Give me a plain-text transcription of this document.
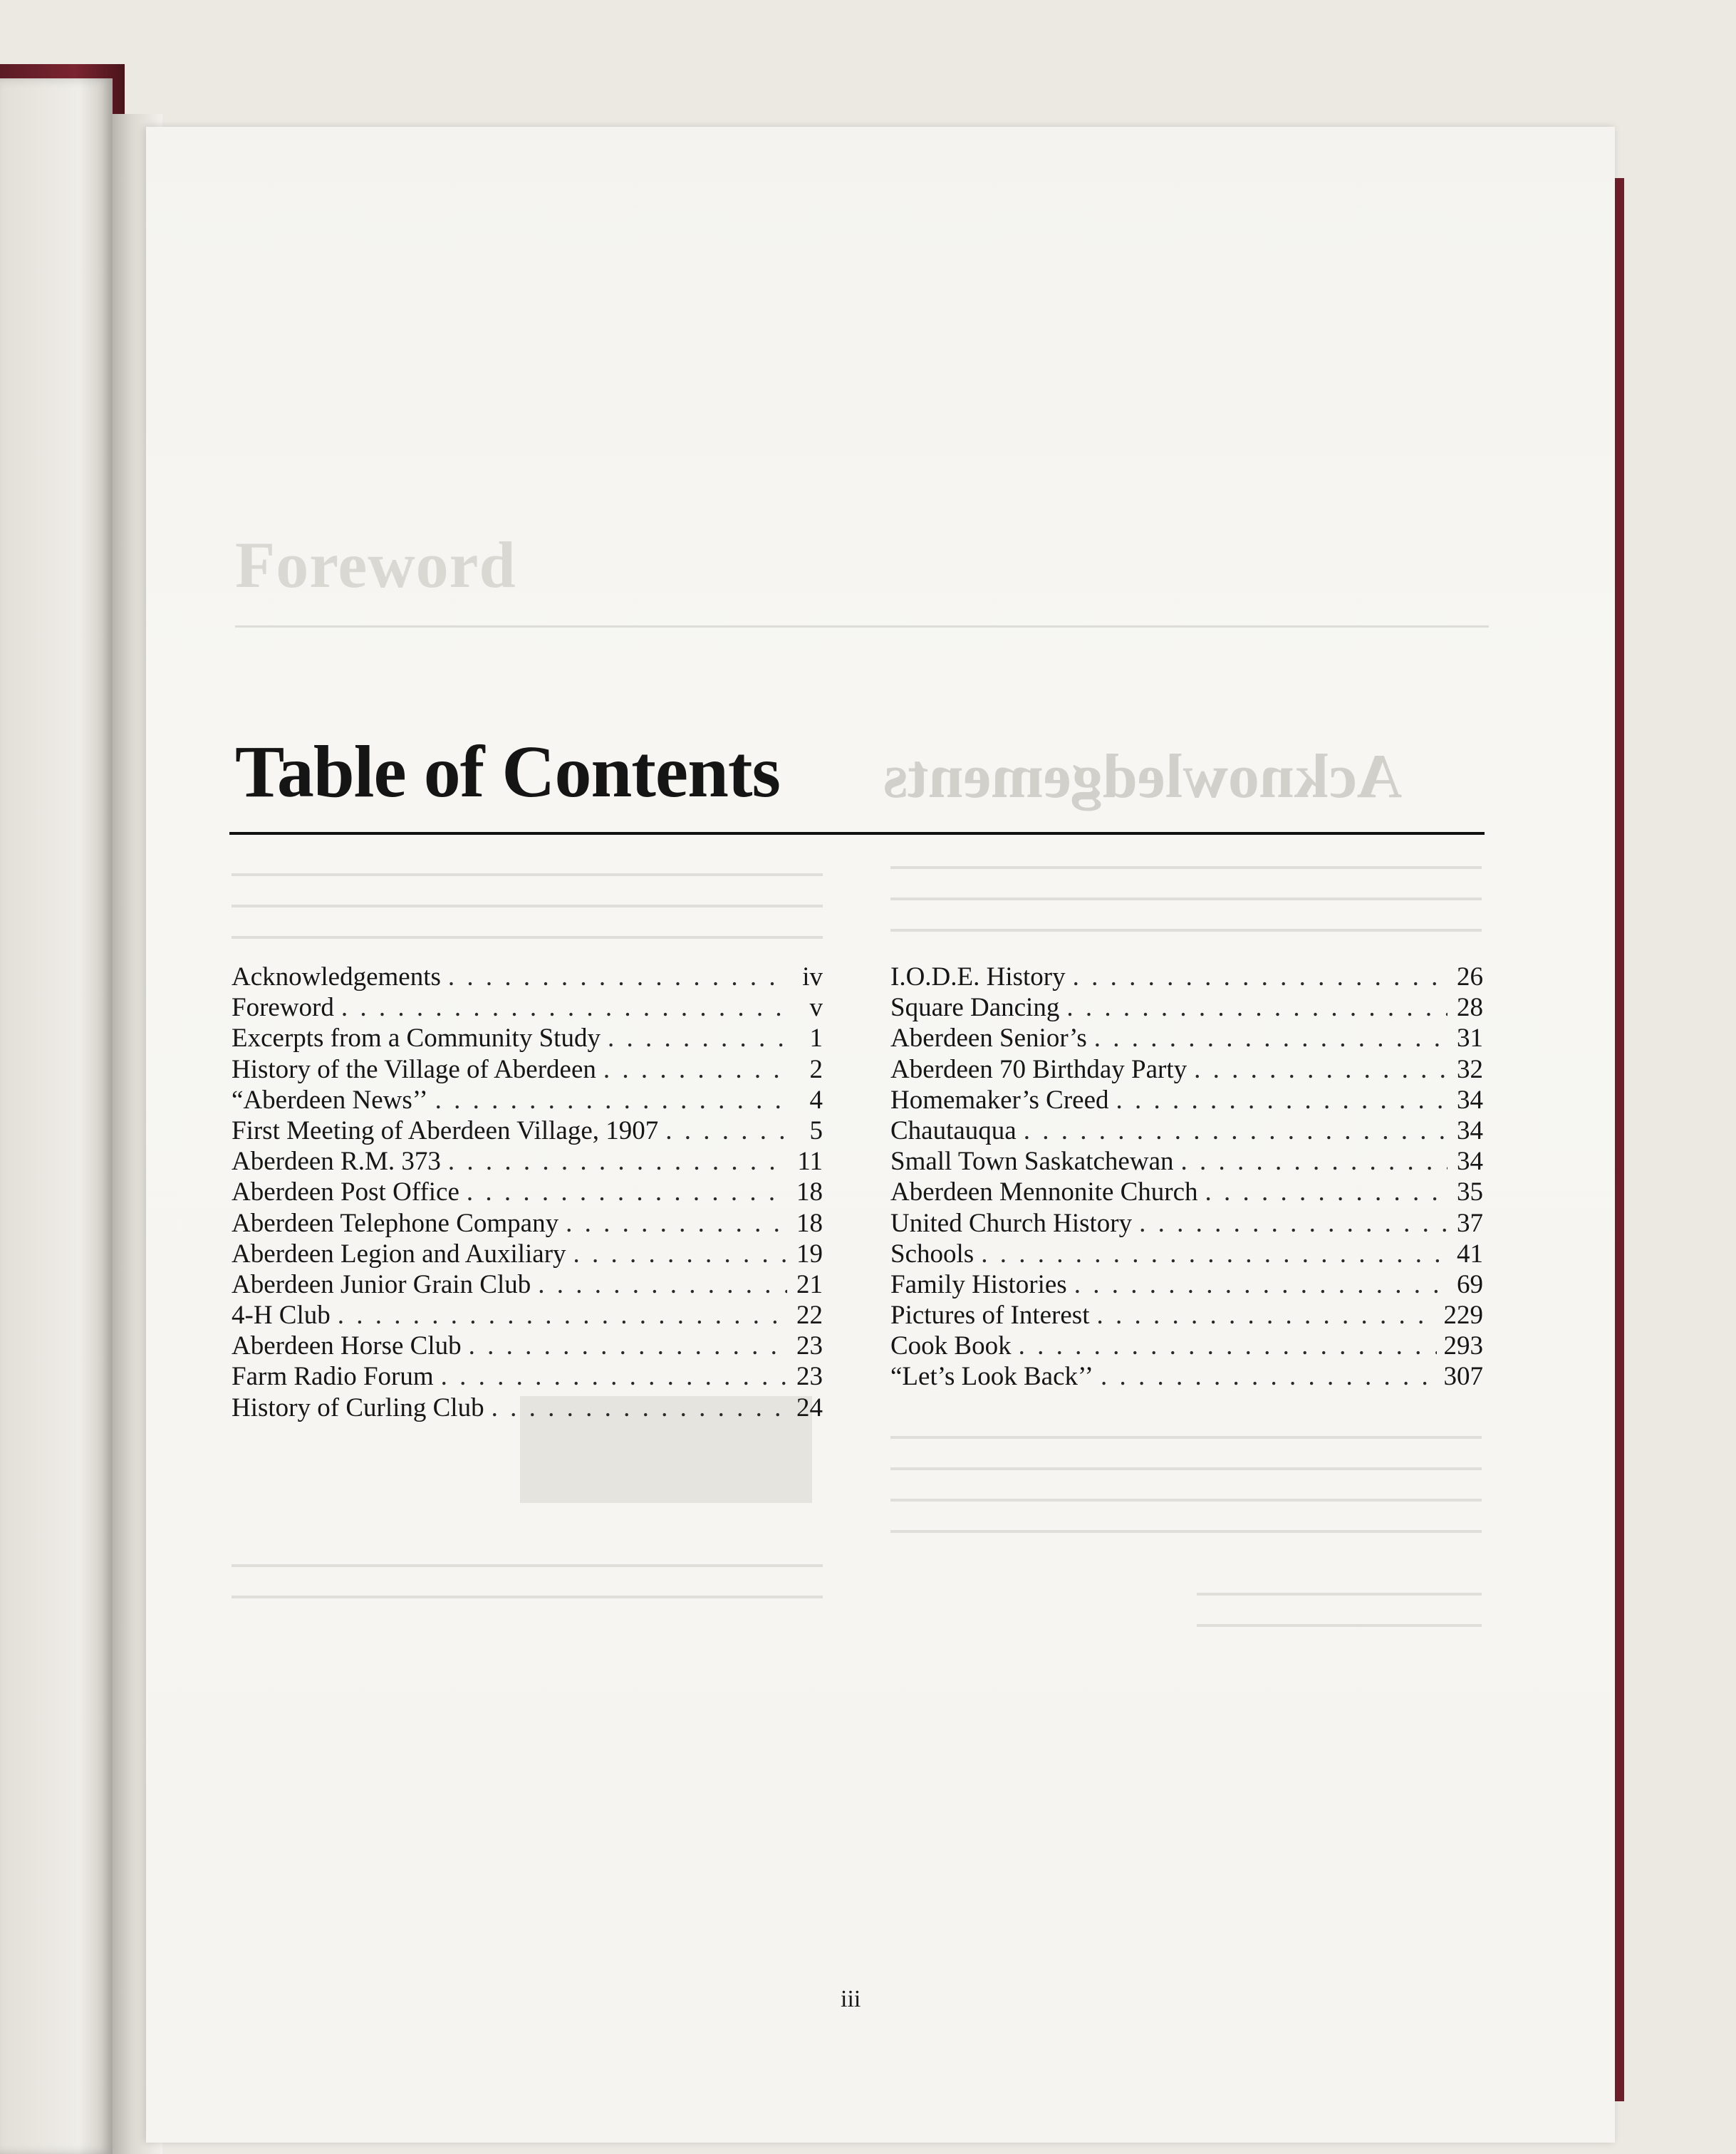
Foreword
Acknowledgements
Table of Contents
Acknowledgements . . .	iv
Foreword . . .	v
Excerpts from a Community Study . . .	1
History of the Village of Aberdeen . . .	2
“Aberdeen News’’ . . .	4
First Meeting of Aberdeen Village, 1907 . . .	5
Aberdeen R.M. 373 . . .	11
Aberdeen Post Office . . .	18
Aberdeen Telephone Company . . .	18
Aberdeen Legion and Auxiliary . . .	19
Aberdeen Junior Grain Club . . .	21
4-H Club . . .	22
Aberdeen Horse Club . . .	23
Farm Radio Forum . . .	23
History of Curling Club . . .	24
I.O.D.E. History . . .	26
Square Dancing . . .	28
Aberdeen Senior’s . . .	31
Aberdeen 70 Birthday Party . . .	32
Homemaker’s Creed . . .	34
Chautauqua . . .	34
Small Town Saskatchewan . . .	34
Aberdeen Mennonite Church . . .	35
United Church History . . .	37
Schools . . .	41
Family Histories . . .	69
Pictures of Interest . . .	229
Cook Book . . .	293
“Let’s Look Back’’ . . .	307
iii
